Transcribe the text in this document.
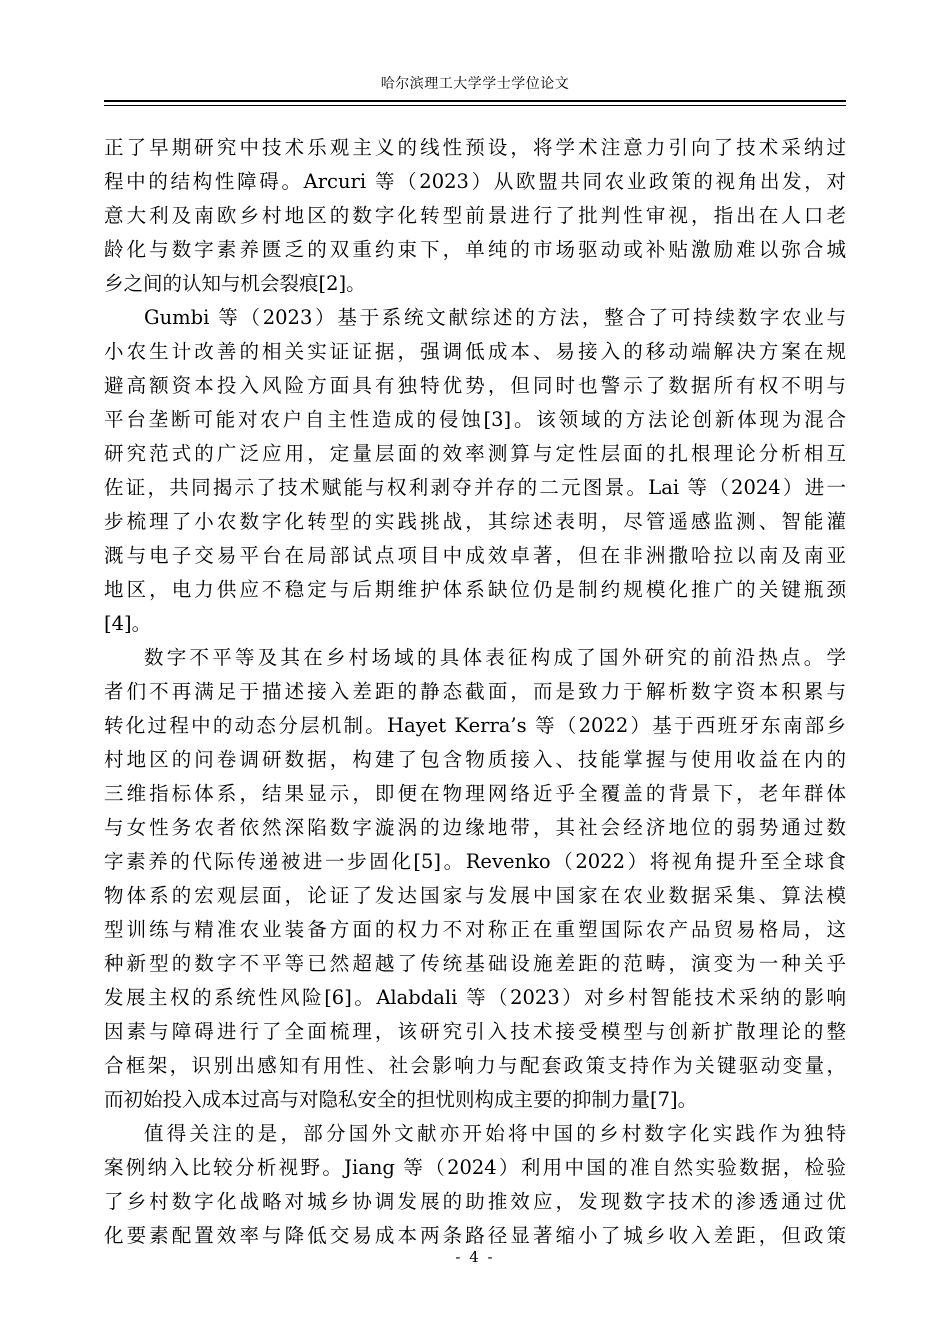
哈尔滨理工大学学士学位论文

正了早期研究中技术乐观主义的线性预设，将学术注意力引向了技术采纳过
程中的结构性障碍。Arcuri 等（2023）从欧盟共同农业政策的视角出发，对
意大利及南欧乡村地区的数字化转型前景进行了批判性审视，指出在人口老
龄化与数字素养匮乏的双重约束下，单纯的市场驱动或补贴激励难以弥合城
乡之间的认知与机会裂痕[2]。

Gumbi 等（2023）基于系统文献综述的方法，整合了可持续数字农业与
小农生计改善的相关实证证据，强调低成本、易接入的移动端解决方案在规
避高额资本投入风险方面具有独特优势，但同时也警示了数据所有权不明与
平台垄断可能对农户自主性造成的侵蚀[3]。该领域的方法论创新体现为混合
研究范式的广泛应用，定量层面的效率测算与定性层面的扎根理论分析相互
佐证，共同揭示了技术赋能与权利剥夺并存的二元图景。Lai 等（2024）进一
步梳理了小农数字化转型的实践挑战，其综述表明，尽管遥感监测、智能灌
溉与电子交易平台在局部试点项目中成效卓著，但在非洲撒哈拉以南及南亚
地区，电力供应不稳定与后期维护体系缺位仍是制约规模化推广的关键瓶颈
[4]。

数字不平等及其在乡村场域的具体表征构成了国外研究的前沿热点。学
者们不再满足于描述接入差距的静态截面，而是致力于解析数字资本积累与
转化过程中的动态分层机制。Hayet Kerra’s 等（2022）基于西班牙东南部乡
村地区的问卷调研数据，构建了包含物质接入、技能掌握与使用收益在内的
三维指标体系，结果显示，即便在物理网络近乎全覆盖的背景下，老年群体
与女性务农者依然深陷数字漩涡的边缘地带，其社会经济地位的弱势通过数
字素养的代际传递被进一步固化[5]。Revenko（2022）将视角提升至全球食
物体系的宏观层面，论证了发达国家与发展中国家在农业数据采集、算法模
型训练与精准农业装备方面的权力不对称正在重塑国际农产品贸易格局，这
种新型的数字不平等已然超越了传统基础设施差距的范畴，演变为一种关乎
发展主权的系统性风险[6]。Alabdali 等（2023）对乡村智能技术采纳的影响
因素与障碍进行了全面梳理，该研究引入技术接受模型与创新扩散理论的整
合框架，识别出感知有用性、社会影响力与配套政策支持作为关键驱动变量，
而初始投入成本过高与对隐私安全的担忧则构成主要的抑制力量[7]。

值得关注的是，部分国外文献亦开始将中国的乡村数字化实践作为独特
案例纳入比较分析视野。Jiang 等（2024）利用中国的准自然实验数据，检验
了乡村数字化战略对城乡协调发展的助推效应，发现数字技术的渗透通过优
化要素配置效率与降低交易成本两条路径显著缩小了城乡收入差距，但政策

- 4 -
